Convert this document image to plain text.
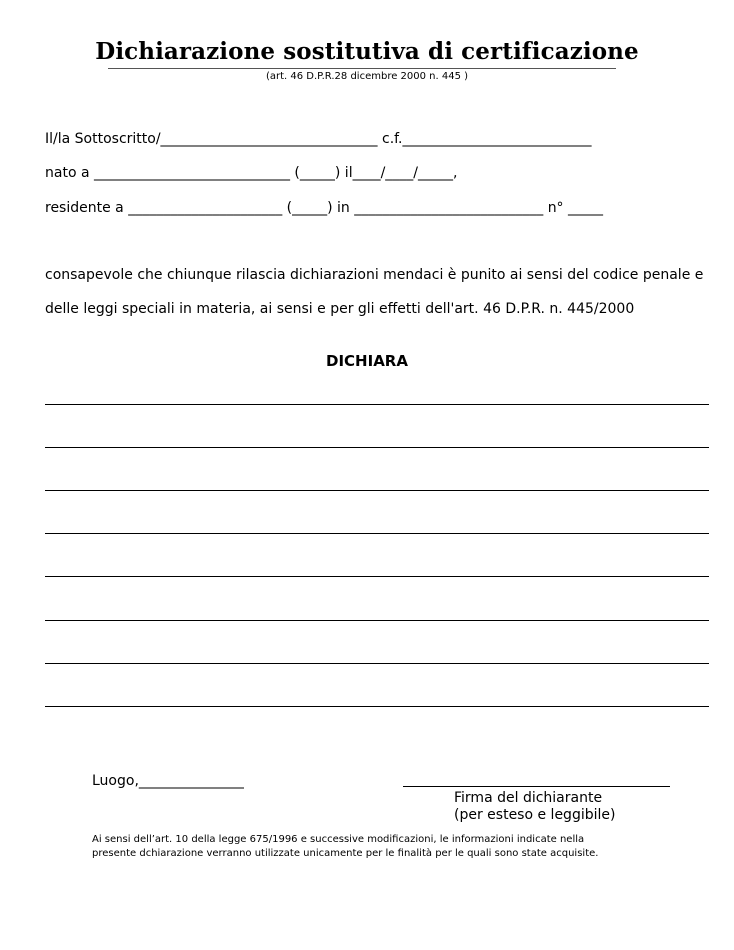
Dichiarazione sostitutiva di certificazione
(art. 46 D.P.R.28 dicembre 2000 n. 445 )
Il/la Sottoscritto/_______________________________ c.f.___________________________
nato a ____________________________ (_____) il____/____/_____,
residente a ______________________ (_____) in ___________________________ n° _____
consapevole che chiunque rilascia dichiarazioni mendaci è punito ai sensi del codice penale e
delle leggi speciali in materia, ai sensi e per gli effetti dell'art. 46 D.P.R. n. 445/2000
DICHIARA
Luogo,_______________
Firma del dichiarante
(per esteso e leggibile)
Ai sensi dell’art. 10 della legge 675/1996 e successive modificazioni, le informazioni indicate nella
presente dchiarazione verranno utilizzate unicamente per le finalità per le quali sono state acquisite.
